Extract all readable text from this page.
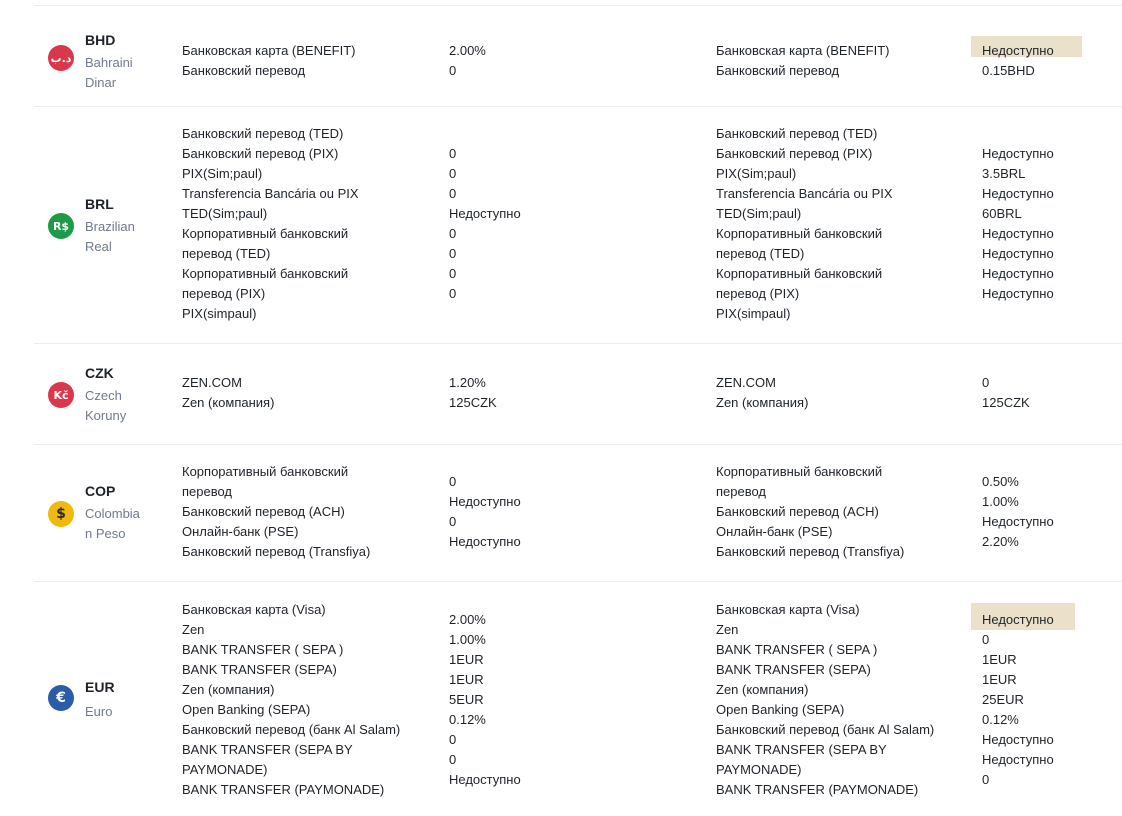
د.ب
BHD
Bahraini
Dinar
Банковская карта (BENEFIT)
Банковский перевод
2.00%
0
Банковская карта (BENEFIT)
Банковский перевод
Недоступно
0.15BHD
R$
BRL
Brazilian
Real
Банковский перевод (TED)
Банковский перевод (PIX)
PIX(Sim;paul)
Transferencia Bancária ou PIX
TED(Sim;paul)
Корпоративный банковский
перевод (TED)
Корпоративный банковский
перевод (PIX)
PIX(simpaul)
0
0
0
Недоступно
0
0
0
0
Банковский перевод (TED)
Банковский перевод (PIX)
PIX(Sim;paul)
Transferencia Bancária ou PIX
TED(Sim;paul)
Корпоративный банковский
перевод (TED)
Корпоративный банковский
перевод (PIX)
PIX(simpaul)
Недоступно
3.5BRL
Недоступно
60BRL
Недоступно
Недоступно
Недоступно
Недоступно
Kč
CZK
Czech
Koruny
ZEN.COM
Zen (компания)
1.20%
125CZK
ZEN.COM
Zen (компания)
0
125CZK
$
COP
Colombia
n Peso
Корпоративный банковский
перевод
Банковский перевод (ACH)
Онлайн-банк (PSE)
Банковский перевод (Transfiya)
0
Недоступно
0
Недоступно
Корпоративный банковский
перевод
Банковский перевод (ACH)
Онлайн-банк (PSE)
Банковский перевод (Transfiya)
0.50%
1.00%
Недоступно
2.20%
€
EUR
Euro
Банковская карта (Visa)
Zen
BANK TRANSFER ( SEPA )
BANK TRANSFER (SEPA)
Zen (компания)
Open Banking (SEPA)
Банковский перевод (банк Al Salam)
BANK TRANSFER (SEPA BY
PAYMONADE)
BANK TRANSFER (PAYMONADE)
2.00%
1.00%
1EUR
1EUR
5EUR
0.12%
0
0
Недоступно
Банковская карта (Visa)
Zen
BANK TRANSFER ( SEPA )
BANK TRANSFER (SEPA)
Zen (компания)
Open Banking (SEPA)
Банковский перевод (банк Al Salam)
BANK TRANSFER (SEPA BY
PAYMONADE)
BANK TRANSFER (PAYMONADE)
Недоступно
0
1EUR
1EUR
25EUR
0.12%
Недоступно
Недоступно
0
